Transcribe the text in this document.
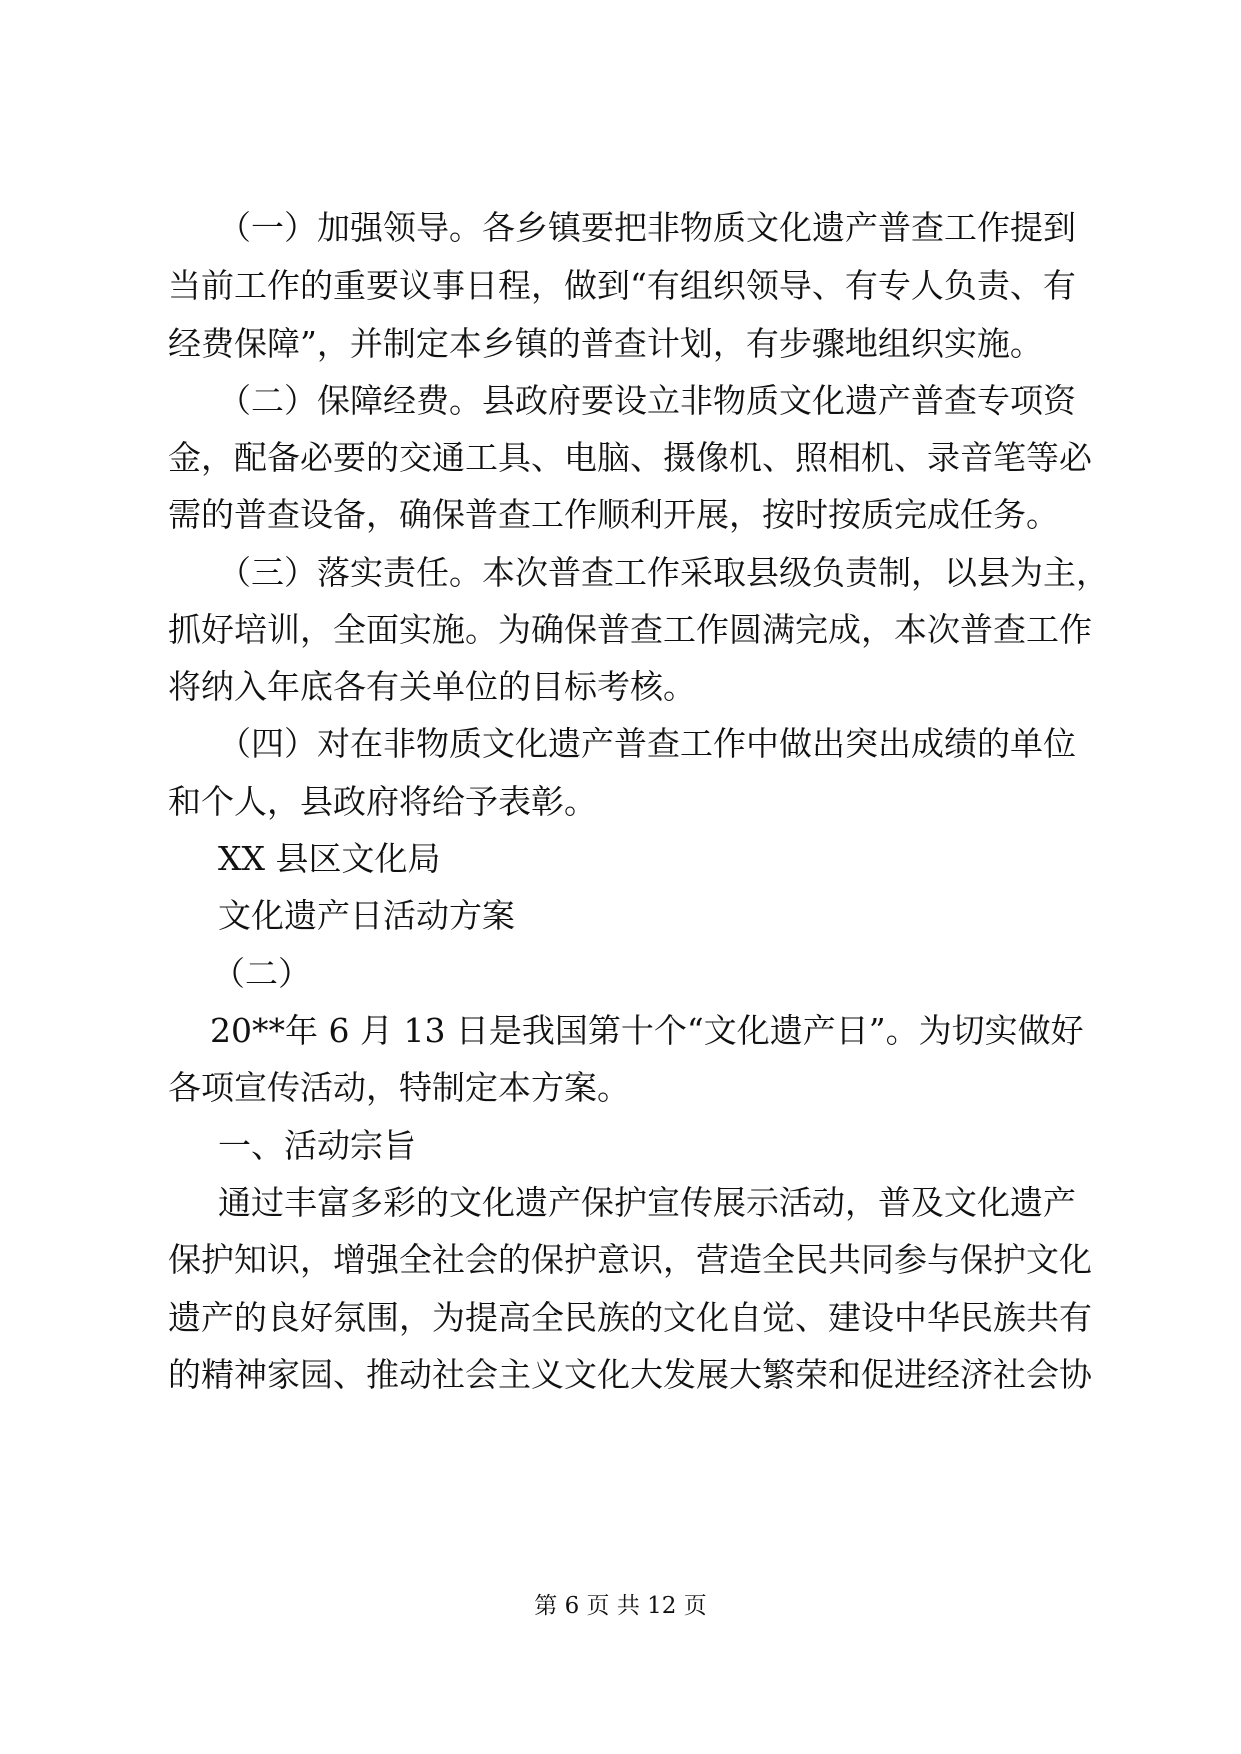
（一）加强领导。各乡镇要把非物质文化遗产普查工作提到
当前工作的重要议事日程，做到“有组织领导、有专人负责、有
经费保障”，并制定本乡镇的普查计划，有步骤地组织实施。
（二）保障经费。县政府要设立非物质文化遗产普查专项资
金，配备必要的交通工具、电脑、摄像机、照相机、录音笔等必
需的普查设备，确保普查工作顺利开展，按时按质完成任务。
（三）落实责任。本次普查工作采取县级负责制，以县为主，
抓好培训，全面实施。为确保普查工作圆满完成，本次普查工作
将纳入年底各有关单位的目标考核。
（四）对在非物质文化遗产普查工作中做出突出成绩的单位
和个人，县政府将给予表彰。
XX 县区文化局
文化遗产日活动方案
（二）
20**年 6 月 13 日是我国第十个“文化遗产日”。为切实做好
各项宣传活动，特制定本方案。
一、活动宗旨
通过丰富多彩的文化遗产保护宣传展示活动，普及文化遗产
保护知识，增强全社会的保护意识，营造全民共同参与保护文化
遗产的良好氛围，为提高全民族的文化自觉、建设中华民族共有
的精神家园、推动社会主义文化大发展大繁荣和促进经济社会协
第 6 页 共 12 页
